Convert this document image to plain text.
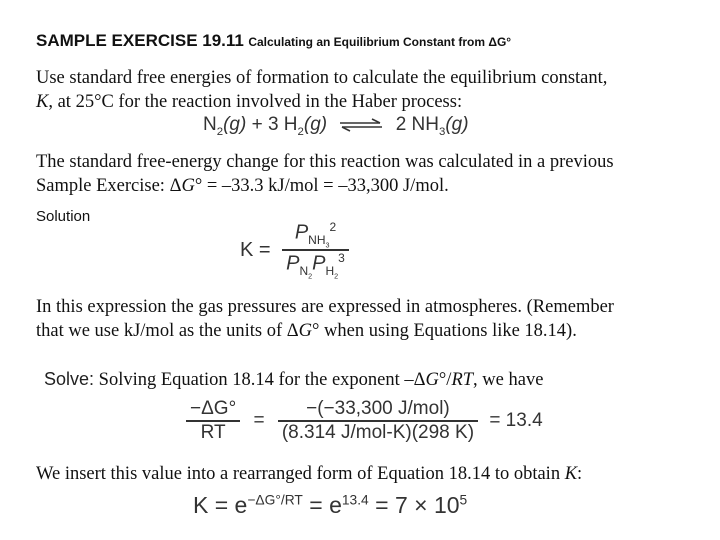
SAMPLE EXERCISE 19.11 Calculating an Equilibrium Constant from ΔG°
Use standard free energies of formation to calculate the equilibrium constant,
K, at 25°C for the reaction involved in the Haber process:
$N_2(g) + 3$ $H_2(g)$ ⇌ 2 $NH_3(g)$
The standard free-energy change for this reaction was calculated in a previous
Sample Exercise: ΔG° = –33.3 kJ/mol = –33,300 J/mol.
Solution
$K = \frac{P_{NH_3}^2}{P_{N_2}P_{H_2}^3}$
In this expression the gas pressures are expressed in atmospheres. (Remember
that we use kJ/mol as the units of ΔG° when using Equations like 18.14).
Solve: Solving Equation 18.14 for the exponent –ΔG°/RT, we have
$\frac{-\Delta G^\circ}{RT} = \frac{\text{−(−33,300 J/mol)}}{\text{(8.314 J/mol-K)(298 K)}} = 13.4$
We insert this value into a rearranged form of Equation 18.14 to obtain K:
$K = e^{-\Delta G^\circ/RT} = e^{13.4} = 7 \times 10^5$
